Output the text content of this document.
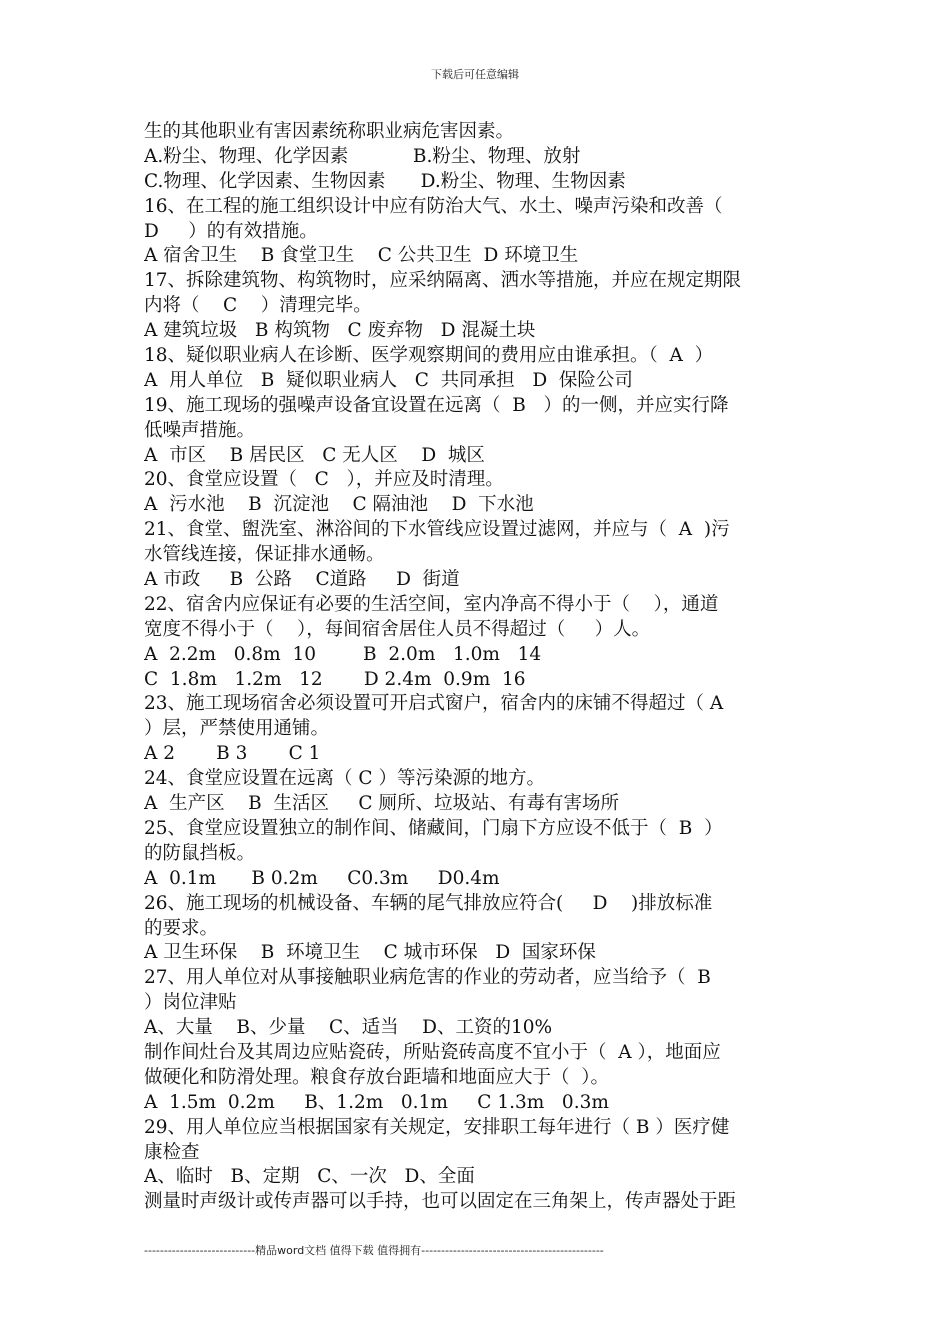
下载后可任意编辑
生的其他职业有害因素统称职业病危害因素。
A.粉尘、物理、化学因素           B.粉尘、物理、放射
C.物理、化学因素、生物因素      D.粉尘、物理、生物因素
16、在工程的施工组织设计中应有防治大气、水土、噪声污染和改善（
D     ）的有效措施。
A 宿舍卫生    B 食堂卫生    C 公共卫生  D 环境卫生
17、拆除建筑物、构筑物时，应采纳隔离、洒水等措施，并应在规定期限
内将（    C    ）清理完毕。
A 建筑垃圾   B 构筑物   C 废弃物   D 混凝土块
18、疑似职业病人在诊断、医学观察期间的费用应由谁承担。（  A  ）
A  用人单位   B  疑似职业病人   C  共同承担   D  保险公司
19、施工现场的强噪声设备宜设置在远离（  B   ）的一侧，并应实行降
低噪声措施。
A  市区    B 居民区   C 无人区    D  城区
20、食堂应设置（   C   ），并应及时清理。
A  污水池    B  沉淀池    C 隔油池    D  下水池
21、食堂、盥洗室、淋浴间的下水管线应设置过滤网，并应与（  A  )污
水管线连接，保证排水通畅。
A 市政     B  公路    C道路     D  街道
22、宿舍内应保证有必要的生活空间，室内净高不得小于（    ），通道
宽度不得小于（    ），每间宿舍居住人员不得超过（     ）人。
A  2.2m   0.8m  10        B  2.0m   1.0m   14
C  1.8m   1.2m   12       D 2.4m  0.9m  16
23、施工现场宿舍必须设置可开启式窗户，宿舍内的床铺不得超过（ A
）层，严禁使用通铺。
A 2       B 3       C 1
24、食堂应设置在远离（ C ）等污染源的地方。
A  生产区    B  生活区     C 厕所、垃圾站、有毒有害场所
25、食堂应设置独立的制作间、储藏间，门扇下方应设不低于（  B  ）
的防鼠挡板。
A  0.1m      B 0.2m     C0.3m     D0.4m
26、施工现场的机械设备、车辆的尾气排放应符合(     D    )排放标准
的要求。
A 卫生环保    B  环境卫生    C 城市环保   D  国家环保
27、用人单位对从事接触职业病危害的作业的劳动者，应当给予（  B
）岗位津贴
A、大量    B、少量    C、适当    D、工资的10%
制作间灶台及其周边应贴瓷砖，所贴瓷砖高度不宜小于（  A ），地面应
做硬化和防滑处理。粮食存放台距墙和地面应大于（  ）。
A  1.5m  0.2m     B、1.2m   0.1m     C 1.3m   0.3m
29、用人单位应当根据国家有关规定，安排职工每年进行（ B ）医疗健
康检查
A、临时   B、定期   C、一次   D、全面
测量时声级计或传声器可以手持，也可以固定在三角架上，传声器处于距
----------------------------精品word文档 值得下载 值得拥有----------------------------------------------
